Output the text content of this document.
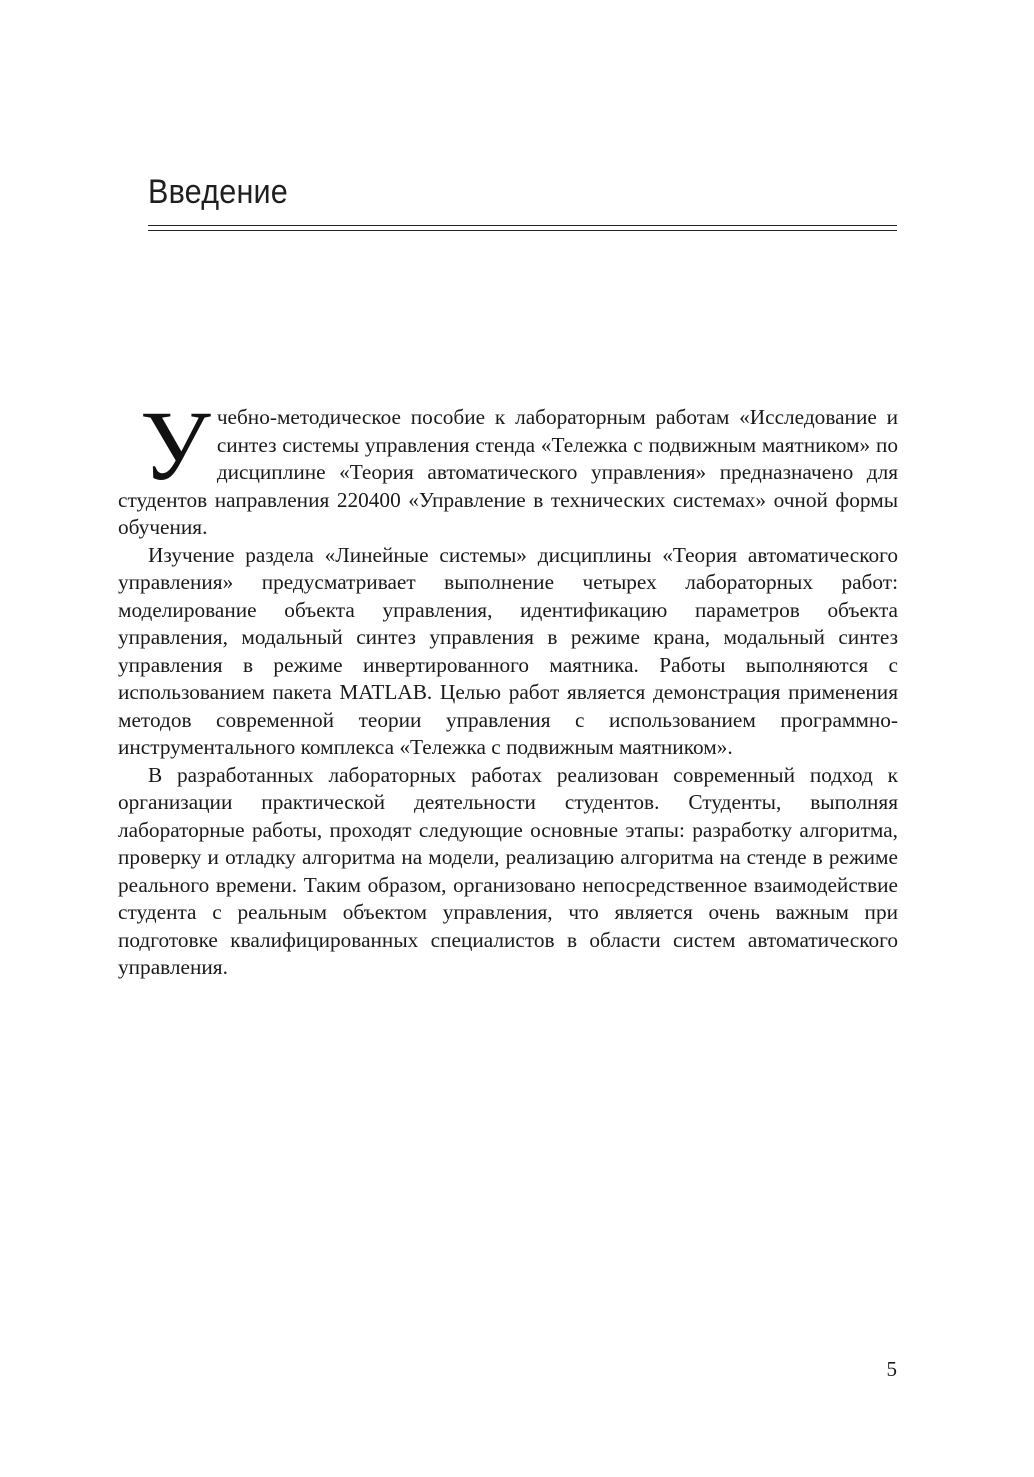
Введение

Учебно-методическое пособие к лабораторным работам «Исследование и синтез системы управления стенда «Тележка с подвижным маятником» по дисциплине «Теория автоматического управления» предназначено для студентов направления 220400 «Управление в технических системах» очной формы обучения.

Изучение раздела «Линейные системы» дисциплины «Теория автоматического управления» предусматривает выполнение четырех лабораторных работ: моделирование объекта управления, идентификацию параметров объекта управления, модальный синтез управления в режиме крана, модальный синтез управления в режиме инвертированного маятника. Работы выполняются с использованием пакета MATLAB. Целью работ является демонстрация применения методов современной теории управления с использованием программно-инструментального комплекса «Тележка с подвижным маятником».

В разработанных лабораторных работах реализован современный подход к организации практической деятельности студентов. Студенты, выполняя лабораторные работы, проходят следующие основные этапы: разработку алгоритма, проверку и отладку алгоритма на модели, реализацию алгоритма на стенде в режиме реального времени. Таким образом, организовано непосредственное взаимодействие студента с реальным объектом управления, что является очень важным при подготовке квалифицированных специалистов в области систем автоматического управления.

5
